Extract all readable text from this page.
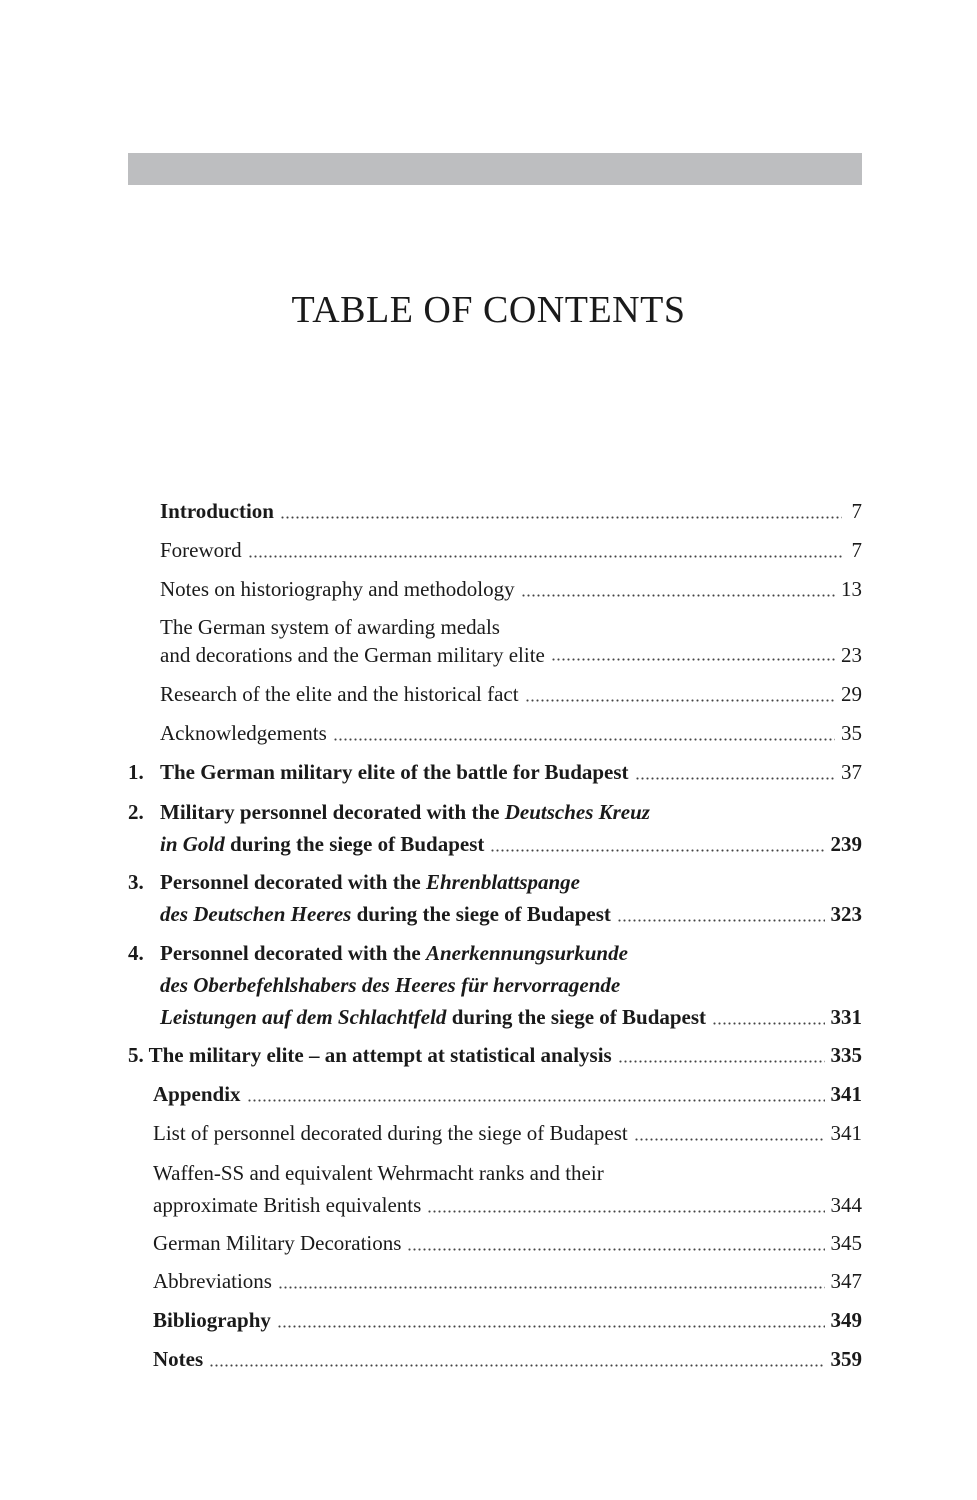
TABLE OF CONTENTS
Introduction	7
Foreword	7
Notes on historiography and methodology	13
The German system of awarding medals
and decorations and the German military elite	23
Research of the elite and the historical fact	29
Acknowledgements	35
1. The German military elite of the battle for Budapest	37
2. Military personnel decorated with the Deutsches Kreuz
in Gold during the siege of Budapest	239
3. Personnel decorated with the Ehrenblattspange
des Deutschen Heeres during the siege of Budapest	323
4. Personnel decorated with the Anerkennungsurkunde
des Oberbefehlshabers des Heeres für hervorragende
Leistungen auf dem Schlachtfeld during the siege of Budapest	331
5. The military elite – an attempt at statistical analysis	335
Appendix	341
List of personnel decorated during the siege of Budapest	341
Waffen-SS and equivalent Wehrmacht ranks and their
approximate British equivalents	344
German Military Decorations	345
Abbreviations	347
Bibliography	349
Notes	359
